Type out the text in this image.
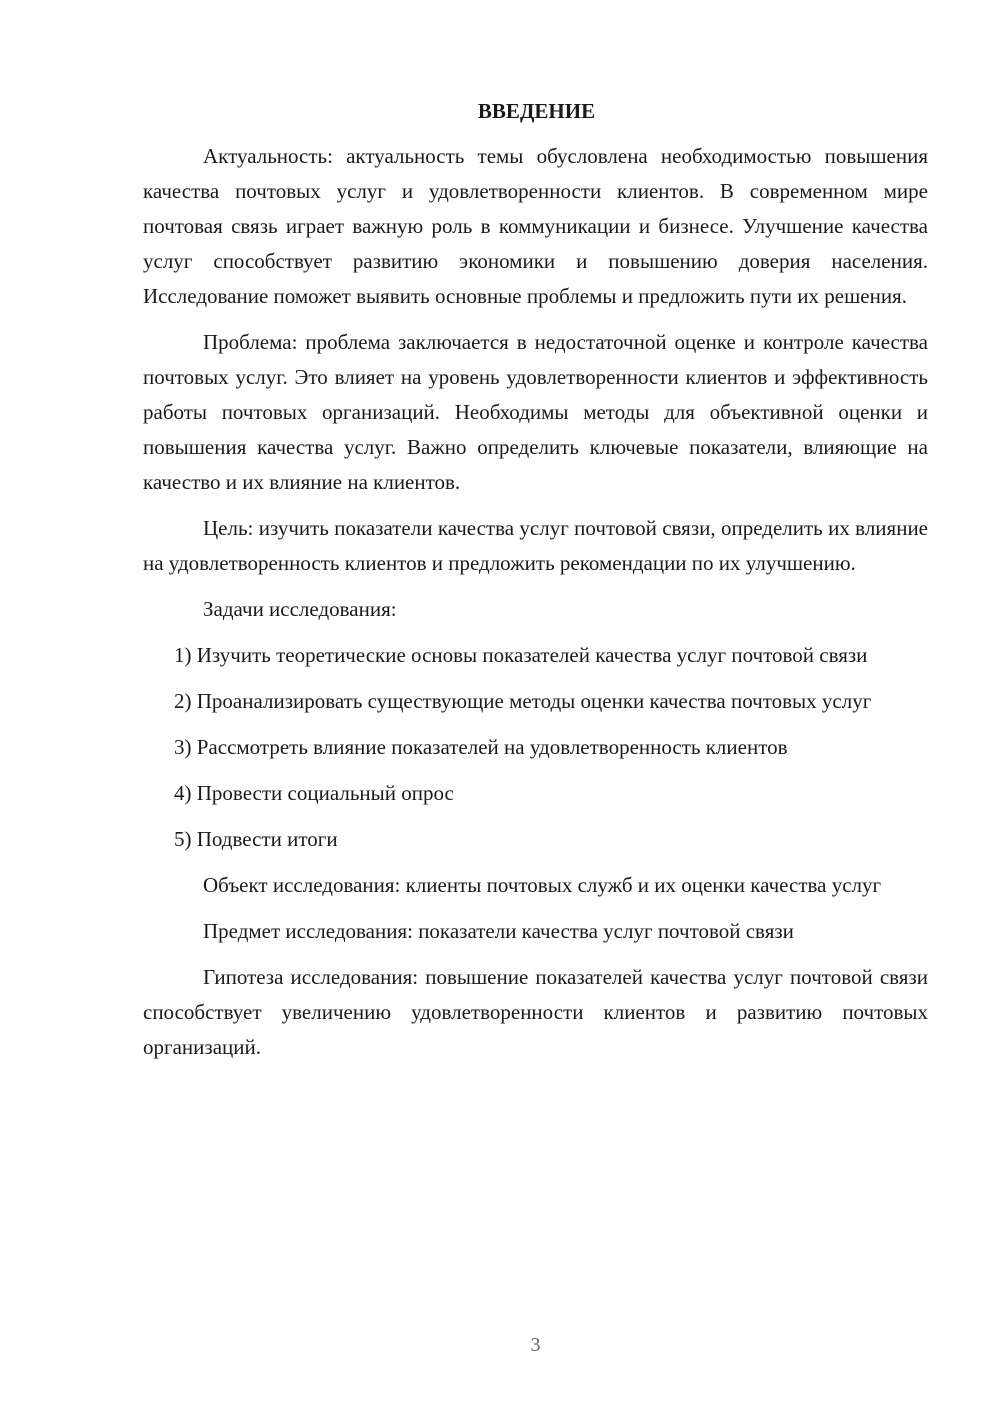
ВВЕДЕНИЕ

Актуальность: актуальность темы обусловлена необходимостью повышения качества почтовых услуг и удовлетворенности клиентов. В современном мире почтовая связь играет важную роль в коммуникации и бизнесе. Улучшение качества услуг способствует развитию экономики и повышению доверия населения. Исследование поможет выявить основные проблемы и предложить пути их решения.

Проблема: проблема заключается в недостаточной оценке и контроле качества почтовых услуг. Это влияет на уровень удовлетворенности клиентов и эффективность работы почтовых организаций. Необходимы методы для объективной оценки и повышения качества услуг. Важно определить ключевые показатели, влияющие на качество и их влияние на клиентов.

Цель: изучить показатели качества услуг почтовой связи, определить их влияние на удовлетворенность клиентов и предложить рекомендации по их улучшению.

Задачи исследования:

1) Изучить теоретические основы показателей качества услуг почтовой связи

2) Проанализировать существующие методы оценки качества почтовых услуг

3) Рассмотреть влияние показателей на удовлетворенность клиентов

4) Провести социальный опрос

5) Подвести итоги

Объект исследования: клиенты почтовых служб и их оценки качества услуг

Предмет исследования: показатели качества услуг почтовой связи

Гипотеза исследования: повышение показателей качества услуг почтовой связи способствует увеличению удовлетворенности клиентов и развитию почтовых организаций.

3
